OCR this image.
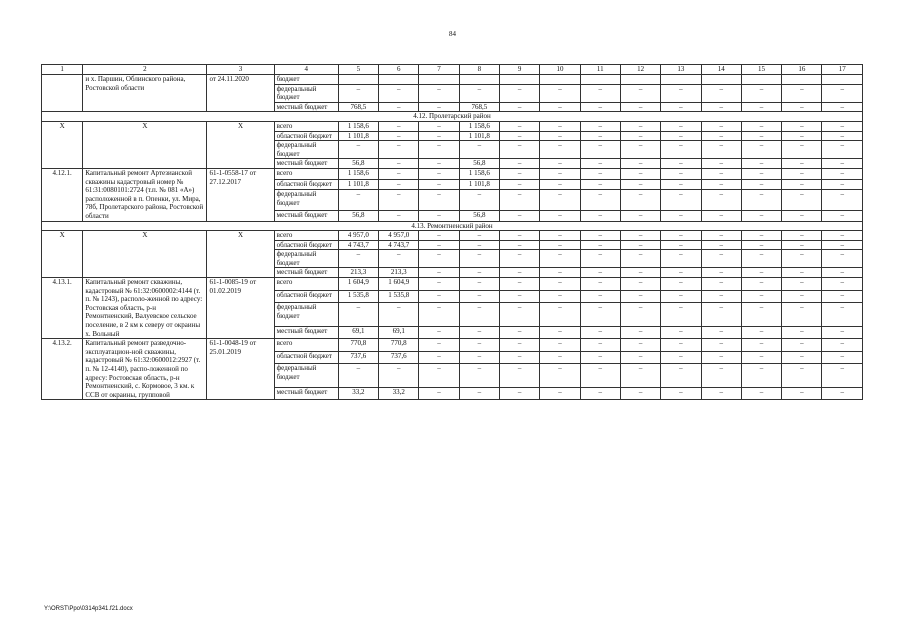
84
1	2	3	4	5	6	7	8	9	10	11	12	13	14	15	16	17
	и х. Паршин, Облинского района, Ростовской области	от 24.11.2020	бюджет													
			федеральный бюджет	–	–	–	–	–	–	–	–	–	–	–	–	–
			местный бюджет	768,5	–	–	768,5	–	–	–	–	–	–	–	–	–
4.12. Пролетарский район																
X	X	X	всего	1 158,6	–	–	1 158,6	–	–	–	–	–	–	–	–	–
			областной бюджет	1 101,8	–	–	1 101,8	–	–	–	–	–	–	–	–	–
			федеральный бюджет	–	–	–	–	–	–	–	–	–	–	–	–	–
			местный бюджет	56,8	–	–	56,8	–	–	–	–	–	–	–	–	–
4.12.1.	Капитальный ремонт Артезианской скважины кадастровый номер № 61:31:0080101:2724 (т.п. № 081 «А») расположенной в п. Опенки, ул. Мира, 78б, Пролетарского района, Ростовской области	61-1-0558-17 от 27.12.2017	всего	1 158,6	–	–	1 158,6	–	–	–	–	–	–	–	–	–
			областной бюджет	1 101,8	–	–	1 101,8	–	–	–	–	–	–	–	–	–
			федеральный бюджет	–	–	–	–	–	–	–	–	–	–	–	–	–
			местный бюджет	56,8	–	–	56,8	–	–	–	–	–	–	–	–	–
4.13. Ремонтненский район																
X	X	X	всего	4 957,0	4 957,0	–	–	–	–	–	–	–	–	–	–	–
			областной бюджет	4 743,7	4 743,7	–	–	–	–	–	–	–	–	–	–	–
			федеральный бюджет	–	–	–	–	–	–	–	–	–	–	–	–	–
			местный бюджет	213,3	213,3	–	–	–	–	–	–	–	–	–	–	–
4.13.1.	Капитальный ремонт скважины, кадастровый № 61:32:0600002:4144 (т. п. № 1243), располо-женной по адресу: Ростовская область, р-н Ремонтненский, Валуевское сельское поселение, в 2 км к северу от окраины х. Вольный	61-1-0085-19 от 01.02.2019	всего	1 604,9	1 604,9	–	–	–	–	–	–	–	–	–	–	–
			областной бюджет	1 535,8	1 535,8	–	–	–	–	–	–	–	–	–	–	–
			федеральный бюджет	–	–	–	–	–	–	–	–	–	–	–	–	–
			местный бюджет	69,1	69,1	–	–	–	–	–	–	–	–	–	–	–
4.13.2.	Капитальный ремонт разведочно-эксплуатацион-ной скважины, кадастровый № 61:32:0600012:2927 (т. п. № 12-4140), распо-ложенной по адресу: Ростовская область, р-н Ремонтненский, с. Кормовое, 3 км. к ССВ от окраины, групповой	61-1-0048-19 от 25.01.2019	всего	770,8	770,8	–	–	–	–	–	–	–	–	–	–	–
			областной бюджет	737,6	737,6	–	–	–	–	–	–	–	–	–	–	–
			федеральный бюджет	–	–	–	–	–	–	–	–	–	–	–	–	–
			местный бюджет	33,2	33,2	–	–	–	–	–	–	–	–	–	–	–
Y:\ORST\Ppo\0314p341.f21.docx
